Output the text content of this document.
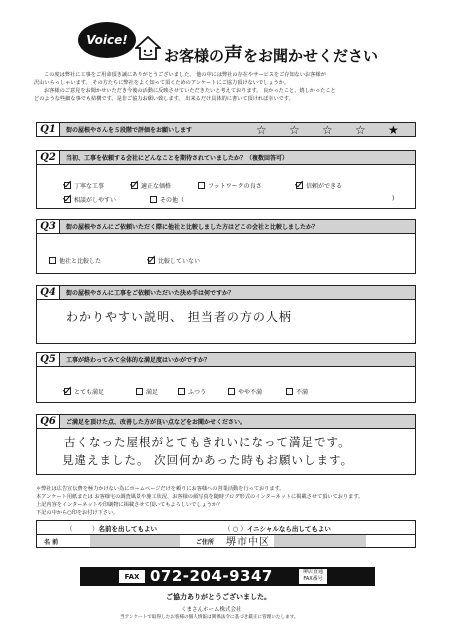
Voice!
お客様の声をお聞かせください
この度は弊社に工事をご用命頂き誠にありがとうございました。 他の中には弊社の存在やサービスをご存知ないお客様が
沢山いらっしゃいます。 その方たちに弊社をよく知って頂くためのアンケートにご協力頂けないでしょうか。
お客様のご意見をお聞かせいただき今後の活動に反映させていただきたいと考えております。 良かったこと、嬉しかったこと
どのような些細な事でも結構です。是非ご協力お願い致します。 出来るだけ具体的に書いて頂ければ幸いです。
Q1	街の屋根やさんを５段階で評価をお願いします	☆ ☆ ☆ ☆ ★
Q2	当初、工事を依頼する会社にどんなことを期待されていましたか？（複数回答可）
丁寧な工事	適正な価格	フットワークの良さ	信頼ができる
相談がしやすい	その他（	)
Q3	街の屋根やさんにご依頼いただく際に他社と比較しました方はどこの会社と比較しましたか？
他社と比較した	比較していない
Q4	街の屋根やさんに工事をご依頼いただいた決め手は何ですか？
わかりやすい説明、 担当者の方の人柄
Q5	工事が終わってみて全体的な満足度はいかがですか？
とても満足	満足	ふつう	やや不満	不満
Q6	ご満足を頂けた点、改善した方が良い点などをお聞かせください。
古くなった屋根がとてもきれいになって満足です。
見違えました。 次回何かあった時もお願いします。
＊弊社は広告宣伝費を極力かけない為にホームページだけを頼りにお客様への営業活動を行っております。
本アンケート用紙または お客様宅の調査風景や施工状況、お客様の顔写真を随時ブログ形式のインターネットに掲載させて頂いております。
上記内容をインターネットや印刷物に掲載させて頂いてもよろしいでしょうか？
下記の中から○印をお付け下さい。
（　　　）名前を出してもよい	（ ○ ）イニシャルなら出してもよい
名 前	ご住所 堺市中区
FAX 072-204-9347	堺店直通
FAX番号
ご協力ありがとうございました。
くまさんホーム株式会社
当アンケートで取得したお客様の個人情報は関係法令に基づき厳正に管理いたします。
